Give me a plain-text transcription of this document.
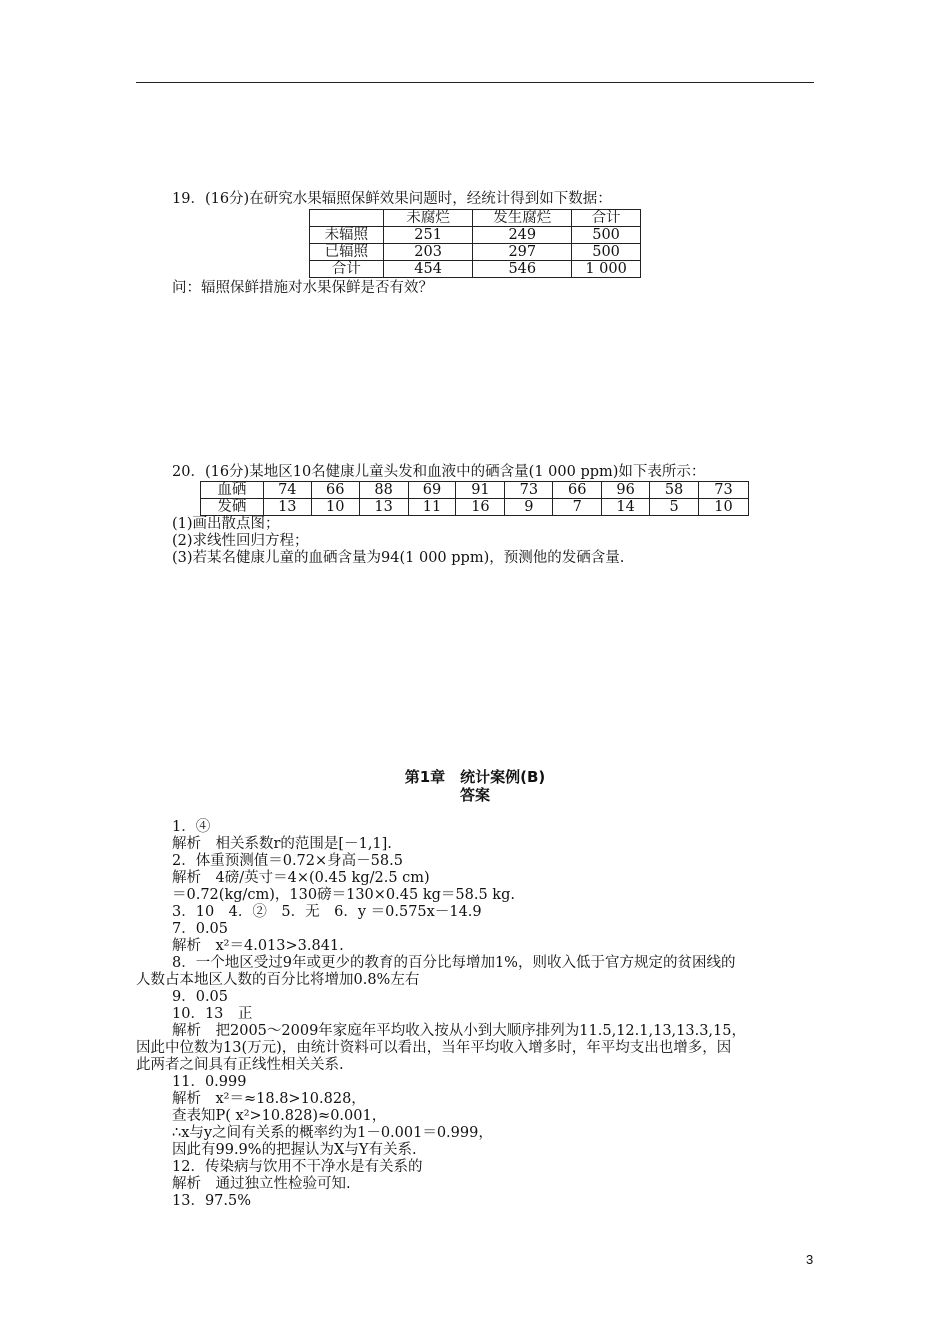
19．(16分)在研究水果辐照保鲜效果问题时，经统计得到如下数据：
	未腐烂	发生腐烂	合计
未辐照	251	249	500
已辐照	203	297	500
合计	454	546	1 000
问：辐照保鲜措施对水果保鲜是否有效？
20．(16分)某地区10名健康儿童头发和血液中的硒含量(1 000 ppm)如下表所示：
血硒	74	66	88	69	91	73	66	96	58	73
发硒	13	10	13	11	16	9	7	14	5	10
(1)画出散点图；
(2)求线性回归方程；
(3)若某名健康儿童的血硒含量为94(1 000 ppm)，预测他的发硒含量.
第1章　统计案例(B)
答案
1．④
解析　相关系数r的范围是[－1,1].
2．体重预测值＝0.72×身高－58.5
解析　4磅/英寸＝4×(0.45 kg/2.5 cm)
＝0.72(kg/cm)，130磅＝130×0.45 kg＝58.5 kg.
3．10　4．②　5．无　6．y ＝0.575x－14.9
7．0.05
解析　x²＝4.013>3.841.
8．一个地区受过9年或更少的教育的百分比每增加1%，则收入低于官方规定的贫困线的
人数占本地区人数的百分比将增加0.8%左右
9．0.05
10．13　正
解析　把2005～2009年家庭年平均收入按从小到大顺序排列为11.5,12.1,13,13.3,15，
因此中位数为13(万元)，由统计资料可以看出，当年平均收入增多时，年平均支出也增多，因
此两者之间具有正线性相关关系.
11．0.999
解析　x²＝≈18.8>10.828，
查表知P( x²>10.828)≈0.001，
∴x与y之间有关系的概率约为1－0.001＝0.999，
因此有99.9%的把握认为X与Y有关系.
12．传染病与饮用不干净水是有关系的
解析　通过独立性检验可知.
13．97.5%
3
